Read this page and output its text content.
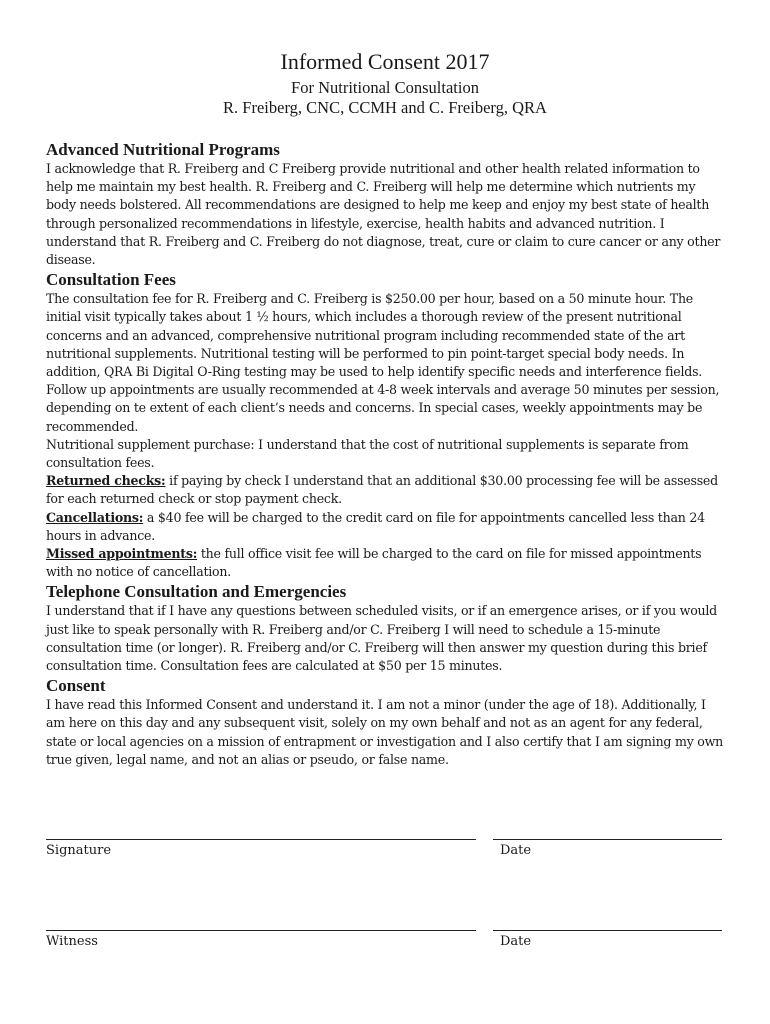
Informed Consent 2017
For Nutritional Consultation
R. Freiberg, CNC, CCMH and C. Freiberg, QRA
Advanced Nutritional Programs

I acknowledge that R. Freiberg and C Freiberg provide nutritional and other health related information to help me maintain my best health. R. Freiberg and C. Freiberg will help me determine which nutrients my body needs bolstered. All recommendations are designed to help me keep and enjoy my best state of health through personalized recommendations in lifestyle, exercise, health habits and advanced nutrition. I understand that R. Freiberg and C. Freiberg do not diagnose, treat, cure or claim to cure cancer or any other disease.

Consultation Fees

The consultation fee for R. Freiberg and C. Freiberg is $250.00 per hour, based on a 50 minute hour. The initial visit typically takes about 1 ½ hours, which includes a thorough review of the present nutritional concerns and an advanced, comprehensive nutritional program including recommended state of the art nutritional supplements. Nutritional testing will be performed to pin point-target special body needs. In addition, QRA Bi Digital O-Ring testing may be used to help identify specific needs and interference fields. Follow up appointments are usually recommended at 4-8 week intervals and average 50 minutes per session, depending on te extent of each client’s needs and concerns. In special cases, weekly appointments may be recommended.

Nutritional supplement purchase: I understand that the cost of nutritional supplements is separate from consultation fees.

Returned checks: if paying by check I understand that an additional $30.00 processing fee will be assessed for each returned check or stop payment check.

Cancellations: a $40 fee will be charged to the credit card on file for appointments cancelled less than 24 hours in advance.

Missed appointments: the full office visit fee will be charged to the card on file for missed appointments with no notice of cancellation.

Telephone Consultation and Emergencies

I understand that if I have any questions between scheduled visits, or if an emergence arises, or if you would just like to speak personally with R. Freiberg and/or C. Freiberg I will need to schedule a 15-minute consultation time (or longer). R. Freiberg and/or C. Freiberg will then answer my question during this brief consultation time. Consultation fees are calculated at $50 per 15 minutes.

Consent

I have read this Informed Consent and understand it. I am not a minor (under the age of 18). Additionally, I am here on this day and any subsequent visit, solely on my own behalf and not as an agent for any federal, state or local agencies on a mission of entrapment or investigation and I also certify that I am signing my own true given, legal name, and not an alias or pseudo, or false name.

Signature	Date
Witness	Date
